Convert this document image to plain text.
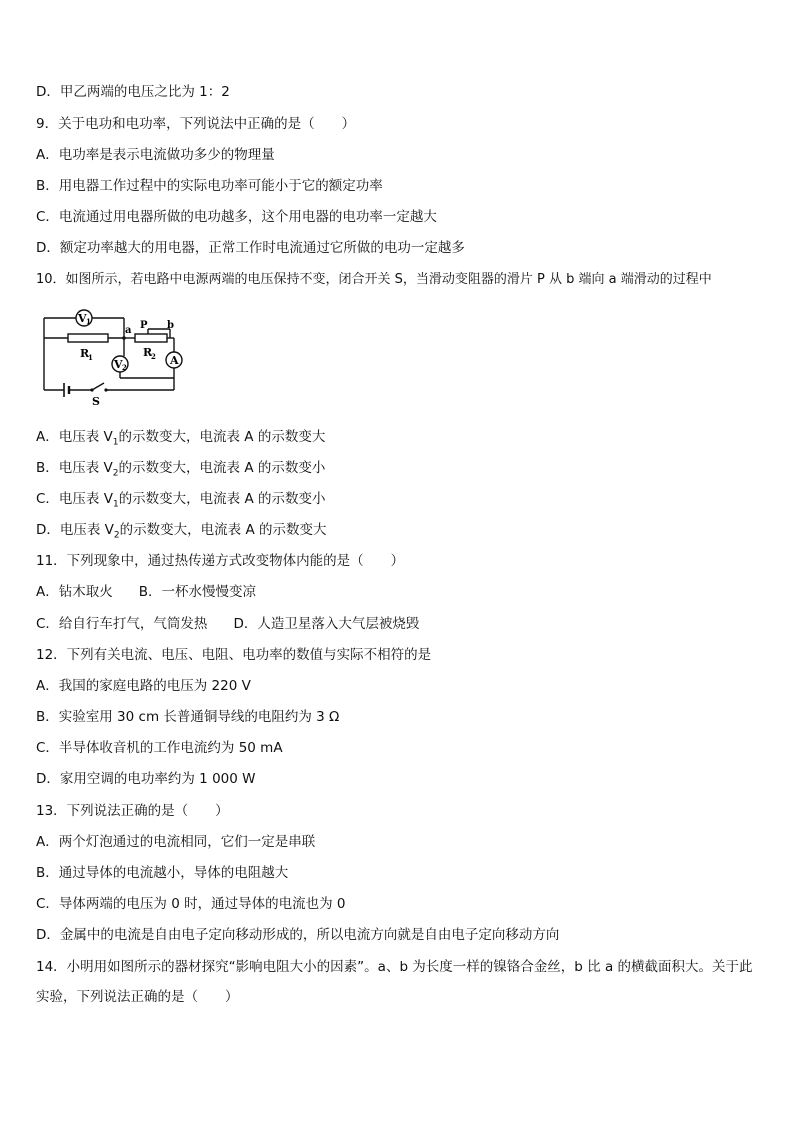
D．甲乙两端的电压之比为 1：2
9．关于电功和电功率，下列说法中正确的是（　　）
A．电功率是表示电流做功多少的物理量
B．用电器工作过程中的实际电功率可能小于它的额定功率
C．电流通过用电器所做的电功越多，这个用电器的电功率一定越大
D．额定功率越大的用电器，正常工作时电流通过它所做的电功一定越多
10．如图所示，若电路中电源两端的电压保持不变，闭合开关 S，当滑动变阻器的滑片 P 从 b 端向 a 端滑动的过程中
V 1
R
1
a P b
R
2 A
V 2
S
A．电压表 $V_1$的示数变大，电流表 A 的示数变大
B．电压表 $V_2$的示数变大，电流表 A 的示数变小
C．电压表 $V_1$的示数变大，电流表 A 的示数变小
D．电压表 $V_2$的示数变大，电流表 A 的示数变大
11．下列现象中，通过热传递方式改变物体内能的是（　　）
A．钻木取火 B．一杯水慢慢变凉
C．给自行车打气，气筒发热 D．人造卫星落入大气层被烧毁
12．下列有关电流、电压、电阻、电功率的数值与实际不相符的是
A．我国的家庭电路的电压为 220 V
B．实验室用 30 cm 长普通铜导线的电阻约为 3 Ω
C．半导体收音机的工作电流约为 50 mA
D．家用空调的电功率约为 1 000 W
13．下列说法正确的是（　　）
A．两个灯泡通过的电流相同，它们一定是串联
B．通过导体的电流越小，导体的电阻越大
C．导体两端的电压为 0 时，通过导体的电流也为 0
D．金属中的电流是自由电子定向移动形成的，所以电流方向就是自由电子定向移动方向
14．小明用如图所示的器材探究“影响电阻大小的因素”。a、b 为长度一样的镍铬合金丝，b 比 a 的横截面积大。关于此实验，下列说法正确的是（　　）
